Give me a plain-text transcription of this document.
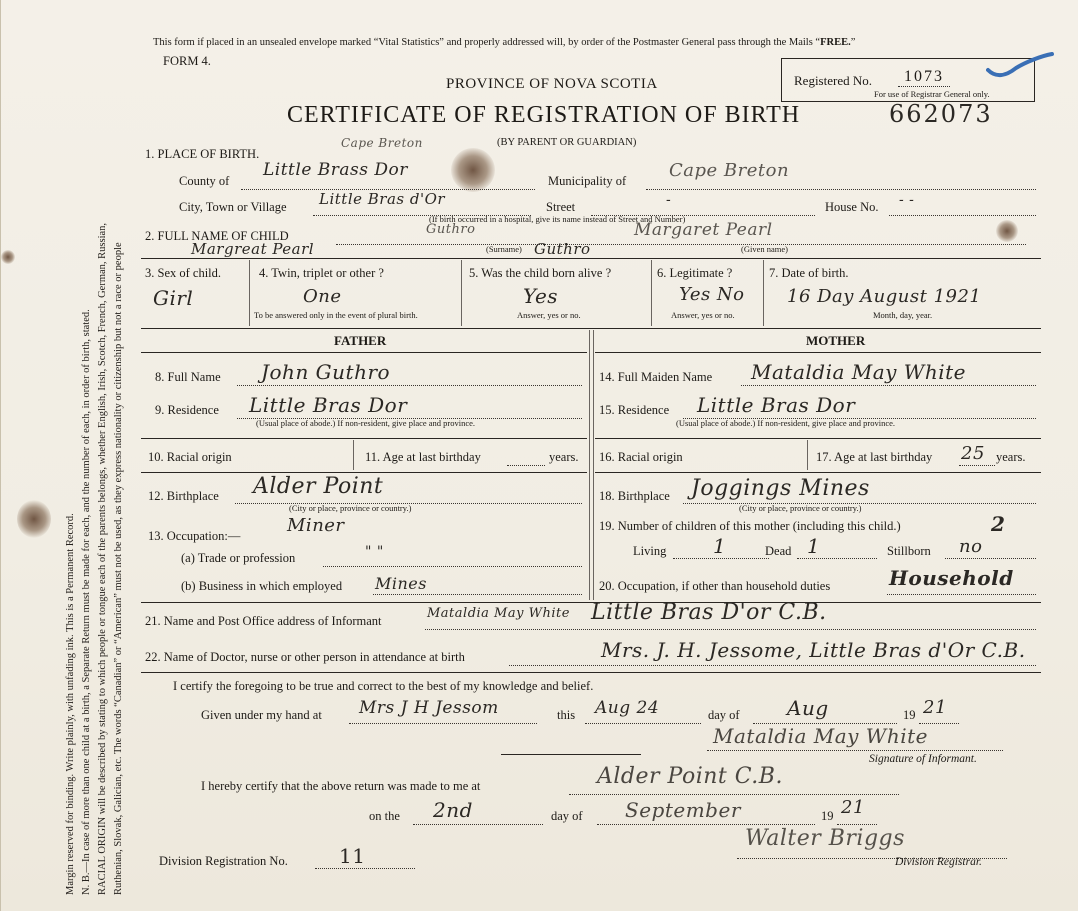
Margin reserved for binding. Write plainly, with unfading ink. This is a Permanent Record. N. B.—In case of more than one child at a birth, a Separate Return must be made for each, and the number of each, in order of birth, stated. RACIAL ORIGIN will be described by stating to which people or tongue each of the parents belongs, whether English, Irish, Scotch, French, German, Russian, Ruthenian, Slovak, Galician, etc. The words “Canadian” or “American” must not be used, as they express nationality or citizenship but not a race or people
This form if placed in an unsealed envelope marked “Vital Statistics” and properly addressed will, by order of the Postmaster General pass through the Mails “FREE.”
FORM 4.
PROVINCE OF NOVA SCOTIA
CERTIFICATE OF REGISTRATION OF BIRTH	662073
(BY PARENT OR GUARDIAN)
Registered No.	1073
For use of Registrar General only.
1. PLACE OF BIRTH.
Cape Breton
County of
Little Brass Dor
Municipality of Cape Breton
City, Town or Village Little Bras d'Or	Street	-	House No. - -
(If birth occurred in a hospital, give its name instead of Street and Number)
2. FULL NAME OF CHILD
Margreat Pearl
Guthro	Margaret Pearl
Guthro
(Surname)	(Given name)
3. Sex of child.
Girl
4. Twin, triplet or other ?
One
To be answered only in the event of plural birth.
5. Was the child born alive ?
Yes
Answer, yes or no.
6. Legitimate ?
Yes No
Answer, yes or no.
7. Date of birth.
16 Day August 1921
Month, day, year.
FATHER
8. Full Name John Guthro
9. Residence Little Bras Dor
(Usual place of abode.) If non-resident, give place and province.
10. Racial origin	11. Age at last birthday	years.
12. Birthplace Alder Point
(City or place, province or country.)
13. Occupation:—	Miner
(a) Trade or profession	" "
(b) Business in which employed Mines
MOTHER
14. Full Maiden Name Mataldia May White
15. Residence Little Bras Dor
(Usual place of abode.) If non-resident, give place and province.
16. Racial origin	17. Age at last birthday 25 years.
18. Birthplace Joggings Mines
(City or place, province or country.)
19. Number of children of this mother (including this child.)	2
Living 1	Dead 1	Stillborn no
20. Occupation, if other than household duties	Household
21. Name and Post Office address of Informant	Mataldia May White Little Bras D'or C.B.
22. Name of Doctor, nurse or other person in attendance at birth	Mrs. J. H. Jessome, Little Bras d'Or C.B.
I certify the foregoing to be true and correct to the best of my knowledge and belief.
Given under my hand at Mrs J H Jessom	this Aug 24	day of Aug	19 21
Mataldia May White
Signature of Informant.
I hereby certify that the above return was made to me at	Alder Point C.B.
on the 2nd	day of September	19 21
Walter Briggs
Division Registrar.
Division Registration No.	11
